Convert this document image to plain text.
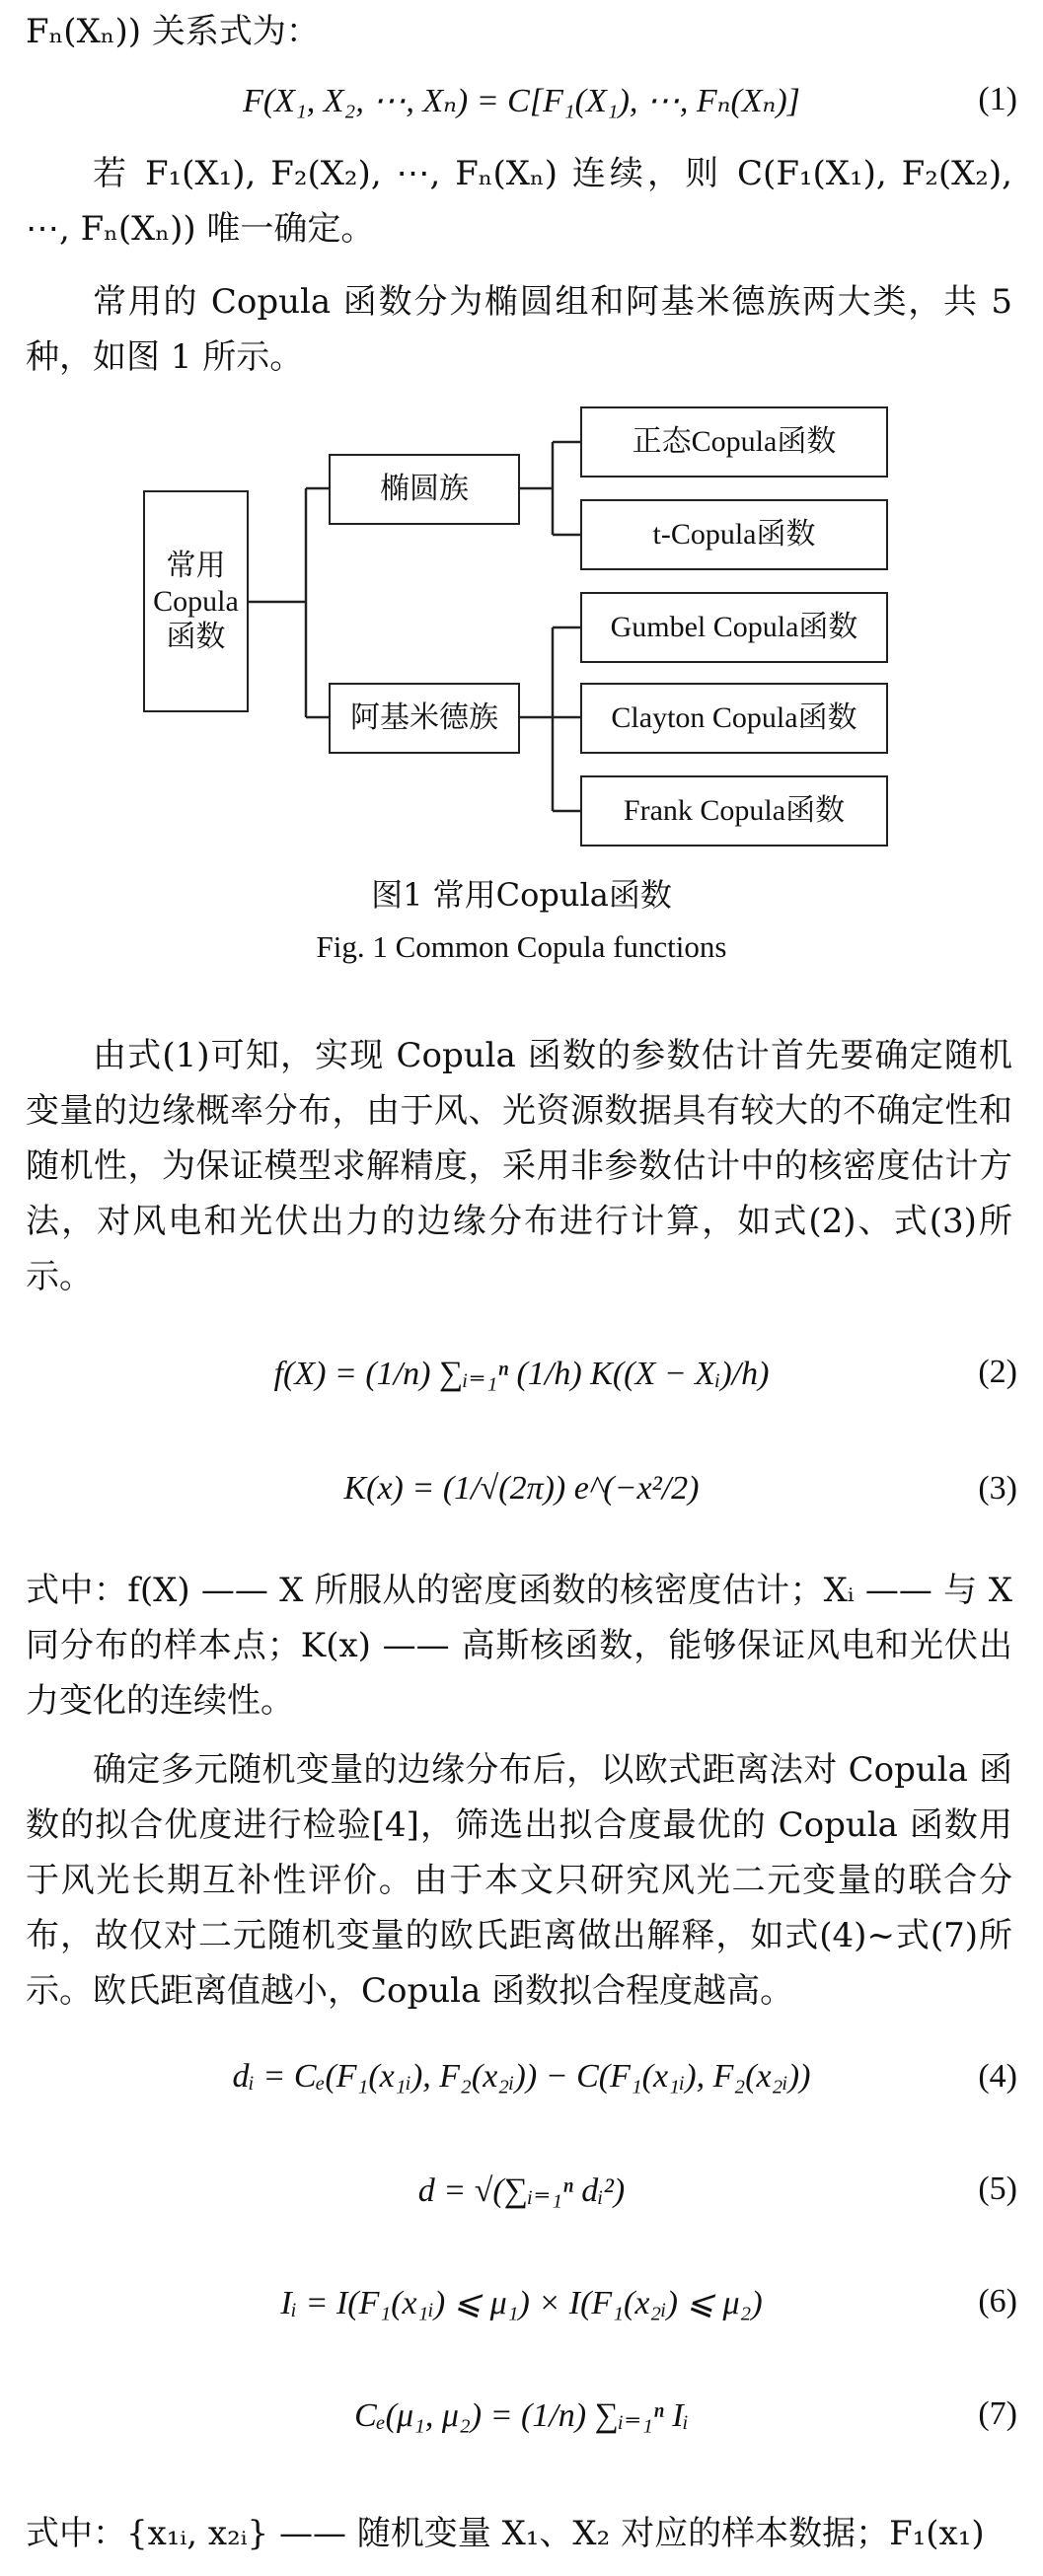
Fₙ(Xₙ)) 关系式为：

F(X₁, X₂, ⋯, Xₙ) = C[F₁(X₁), ⋯, Fₙ(Xₙ)]	(1)

若 F₁(X₁), F₂(X₂), ⋯, Fₙ(Xₙ) 连续，则 C(F₁(X₁), F₂(X₂), ⋯, Fₙ(Xₙ)) 唯一确定。

常用的 Copula 函数分为椭圆组和阿基米德族两大类，共 5 种，如图 1 所示。

常用Copula函数
椭圆族
阿基米德族
正态Copula函数
t-Copula函数
Gumbel Copula函数
Clayton Copula函数
Frank Copula函数
图1 常用Copula函数
Fig. 1 Common Copula functions

由式(1)可知，实现 Copula 函数的参数估计首先要确定随机变量的边缘概率分布，由于风、光资源数据具有较大的不确定性和随机性，为保证模型求解精度，采用非参数估计中的核密度估计方法，对风电和光伏出力的边缘分布进行计算，如式(2)、式(3)所示。

f(X) = (1/n) ∑ᵢ₌₁ⁿ (1/h) K((X − Xᵢ)/h)	(2)
K(x) = (1/√(2π)) e^(−x²/2)	(3)

式中：f(X) —— X 所服从的密度函数的核密度估计；Xᵢ —— 与 X 同分布的样本点；K(x) —— 高斯核函数，能够保证风电和光伏出力变化的连续性。

确定多元随机变量的边缘分布后，以欧式距离法对 Copula 函数的拟合优度进行检验[4]，筛选出拟合度最优的 Copula 函数用于风光长期互补性评价。由于本文只研究风光二元变量的联合分布，故仅对二元随机变量的欧氏距离做出解释，如式(4)~式(7)所示。欧氏距离值越小，Copula 函数拟合程度越高。

dᵢ = Cₑ(F₁(x₁ᵢ), F₂(x₂ᵢ)) − C(F₁(x₁ᵢ), F₂(x₂ᵢ))	(4)
d = √(∑ᵢ₌₁ⁿ dᵢ²)	(5)
Iᵢ = I(F₁(x₁ᵢ) ⩽ μ₁) × I(F₁(x₂ᵢ) ⩽ μ₂)	(6)
Cₑ(μ₁, μ₂) = (1/n) ∑ᵢ₌₁ⁿ Iᵢ	(7)

式中：{x₁ᵢ, x₂ᵢ} —— 随机变量 X₁、X₂ 对应的样本数据；F₁(x₁)
